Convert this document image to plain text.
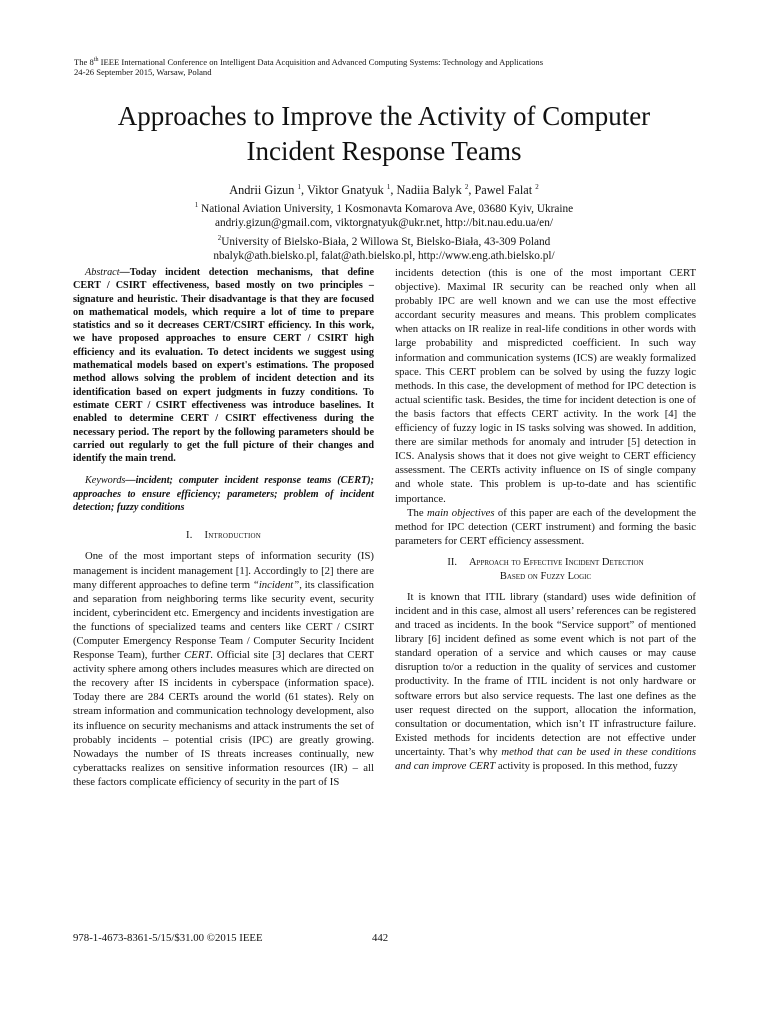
The 8th IEEE International Conference on Intelligent Data Acquisition and Advanced Computing Systems: Technology and Applications
24-26 September 2015, Warsaw, Poland
Approaches to Improve the Activity of Computer
Incident Response Teams
Andrii Gizun $^1$, Viktor Gnatyuk $^1$, Nadiia Balyk $^2$, Pawel Falat $^2$
$^1$ National Aviation University, 1 Kosmonavta Komarova Ave, 03680 Kyiv, Ukraine
andriy.gizun@gmail.com, viktorgnatyuk@ukr.net, http://bit.nau.edu.ua/en/
$^2$University of Bielsko-Biała, 2 Willowa St, Bielsko-Biała, 43-309 Poland
nbalyk@ath.bielsko.pl, falat@ath.bielsko.pl, http://www.eng.ath.bielsko.pl/

Abstract—Today incident detection mechanisms, that define CERT / CSIRT effectiveness, based mostly on two principles – signature and heuristic. Their disadvantage is that they are focused on mathematical models, which require a lot of time to prepare statistics and so it decreases CERT/CSIRT efficiency. In this work, we have proposed approaches to ensure CERT / CSIRT high efficiency and its evaluation. To detect incidents we suggest using mathematical models based on expert's estimations. The proposed method allows solving the problem of incident detection and its identification based on expert judgments in fuzzy conditions. To estimate CERT / CSIRT effectiveness was introduce baselines. It enabled to determine CERT / CSIRT effectiveness during the necessary period. The report by the following parameters should be carried out regularly to get the full picture of their changes and identify the main trend.

Keywords—incident; computer incident response teams (CERT); approaches to ensure efficiency; parameters; problem of incident detection; fuzzy conditions

I. Introduction

One of the most important steps of information security (IS) management is incident management [1]. Accordingly to [2] there are many different approaches to define term “incident”, its classification and separation from neighboring terms like security event, security incident, cyberincident etc. Emergency and incidents investigation are the functions of specialized teams and centers like CERT / CSIRT (Computer Emergency Response Team / Computer Security Incident Response Team), further CERT. Official site [3] declares that CERT activity sphere among others includes measures which are directed on the recovery after IS incidents in cyberspace (information space). Today there are 284 CERTs around the world (61 states). Rely on stream information and communication technology development, also its influence on security mechanisms and attack instruments the set of probably incidents – potential crisis (IPC) are greatly growing. Nowadays the number of IS threats increases continually, new cyberattacks realizes on sensitive information resources (IR) – all these factors complicate efficiency of security in the part of IS

incidents detection (this is one of the most important CERT objective). Maximal IR security can be reached only when all probably IPC are well known and we can use the most effective accordant security measures and means. This problem complicates when attacks on IR realize in real-life conditions in other words with large probability and mispredicted coefficient. In such way information and communication systems (ICS) are weakly formalized space. This CERT problem can be solved by using the fuzzy logic methods. In this case, the development of method for IPC detection is actual scientific task. Besides, the time for incident detection is one of the basis factors that effects CERT activity. In the work [4] the efficiency of fuzzy logic in IS tasks solving was showed. In addition, there are similar methods for anomaly and intruder [5] detection in ICS. Analysis shows that it does not give weight to CERT efficiency assessment. The CERTs activity influence on IS of single company and whole state. This problem is up-to-date and has scientific importance.

The main objectives of this paper are each of the development the method for IPC detection (CERT instrument) and forming the basic parameters for CERT efficiency assessment.

II. Approach to Effective Incident Detection
Based on Fuzzy Logic

It is known that ITIL library (standard) uses wide definition of incident and in this case, almost all users’ references can be registered and traced as incidents. In the book “Service support” of mentioned library [6] incident defined as some event which is not part of the standard operation of a service and which causes or may cause disruption to/or a reduction in the quality of services and customer productivity. In the frame of ITIL incident is not only hardware or software errors but also service requests. The last one defines as the user request directed on the support, allocation the information, consultation or documentation, which isn’t IT infrastructure failure. Existed methods for incidents detection are not effective under uncertainty. That’s why method that can be used in these conditions and can improve CERT activity is proposed. In this method, fuzzy

978-1-4673-8361-5/15/$31.00 ©2015 IEEE	442
